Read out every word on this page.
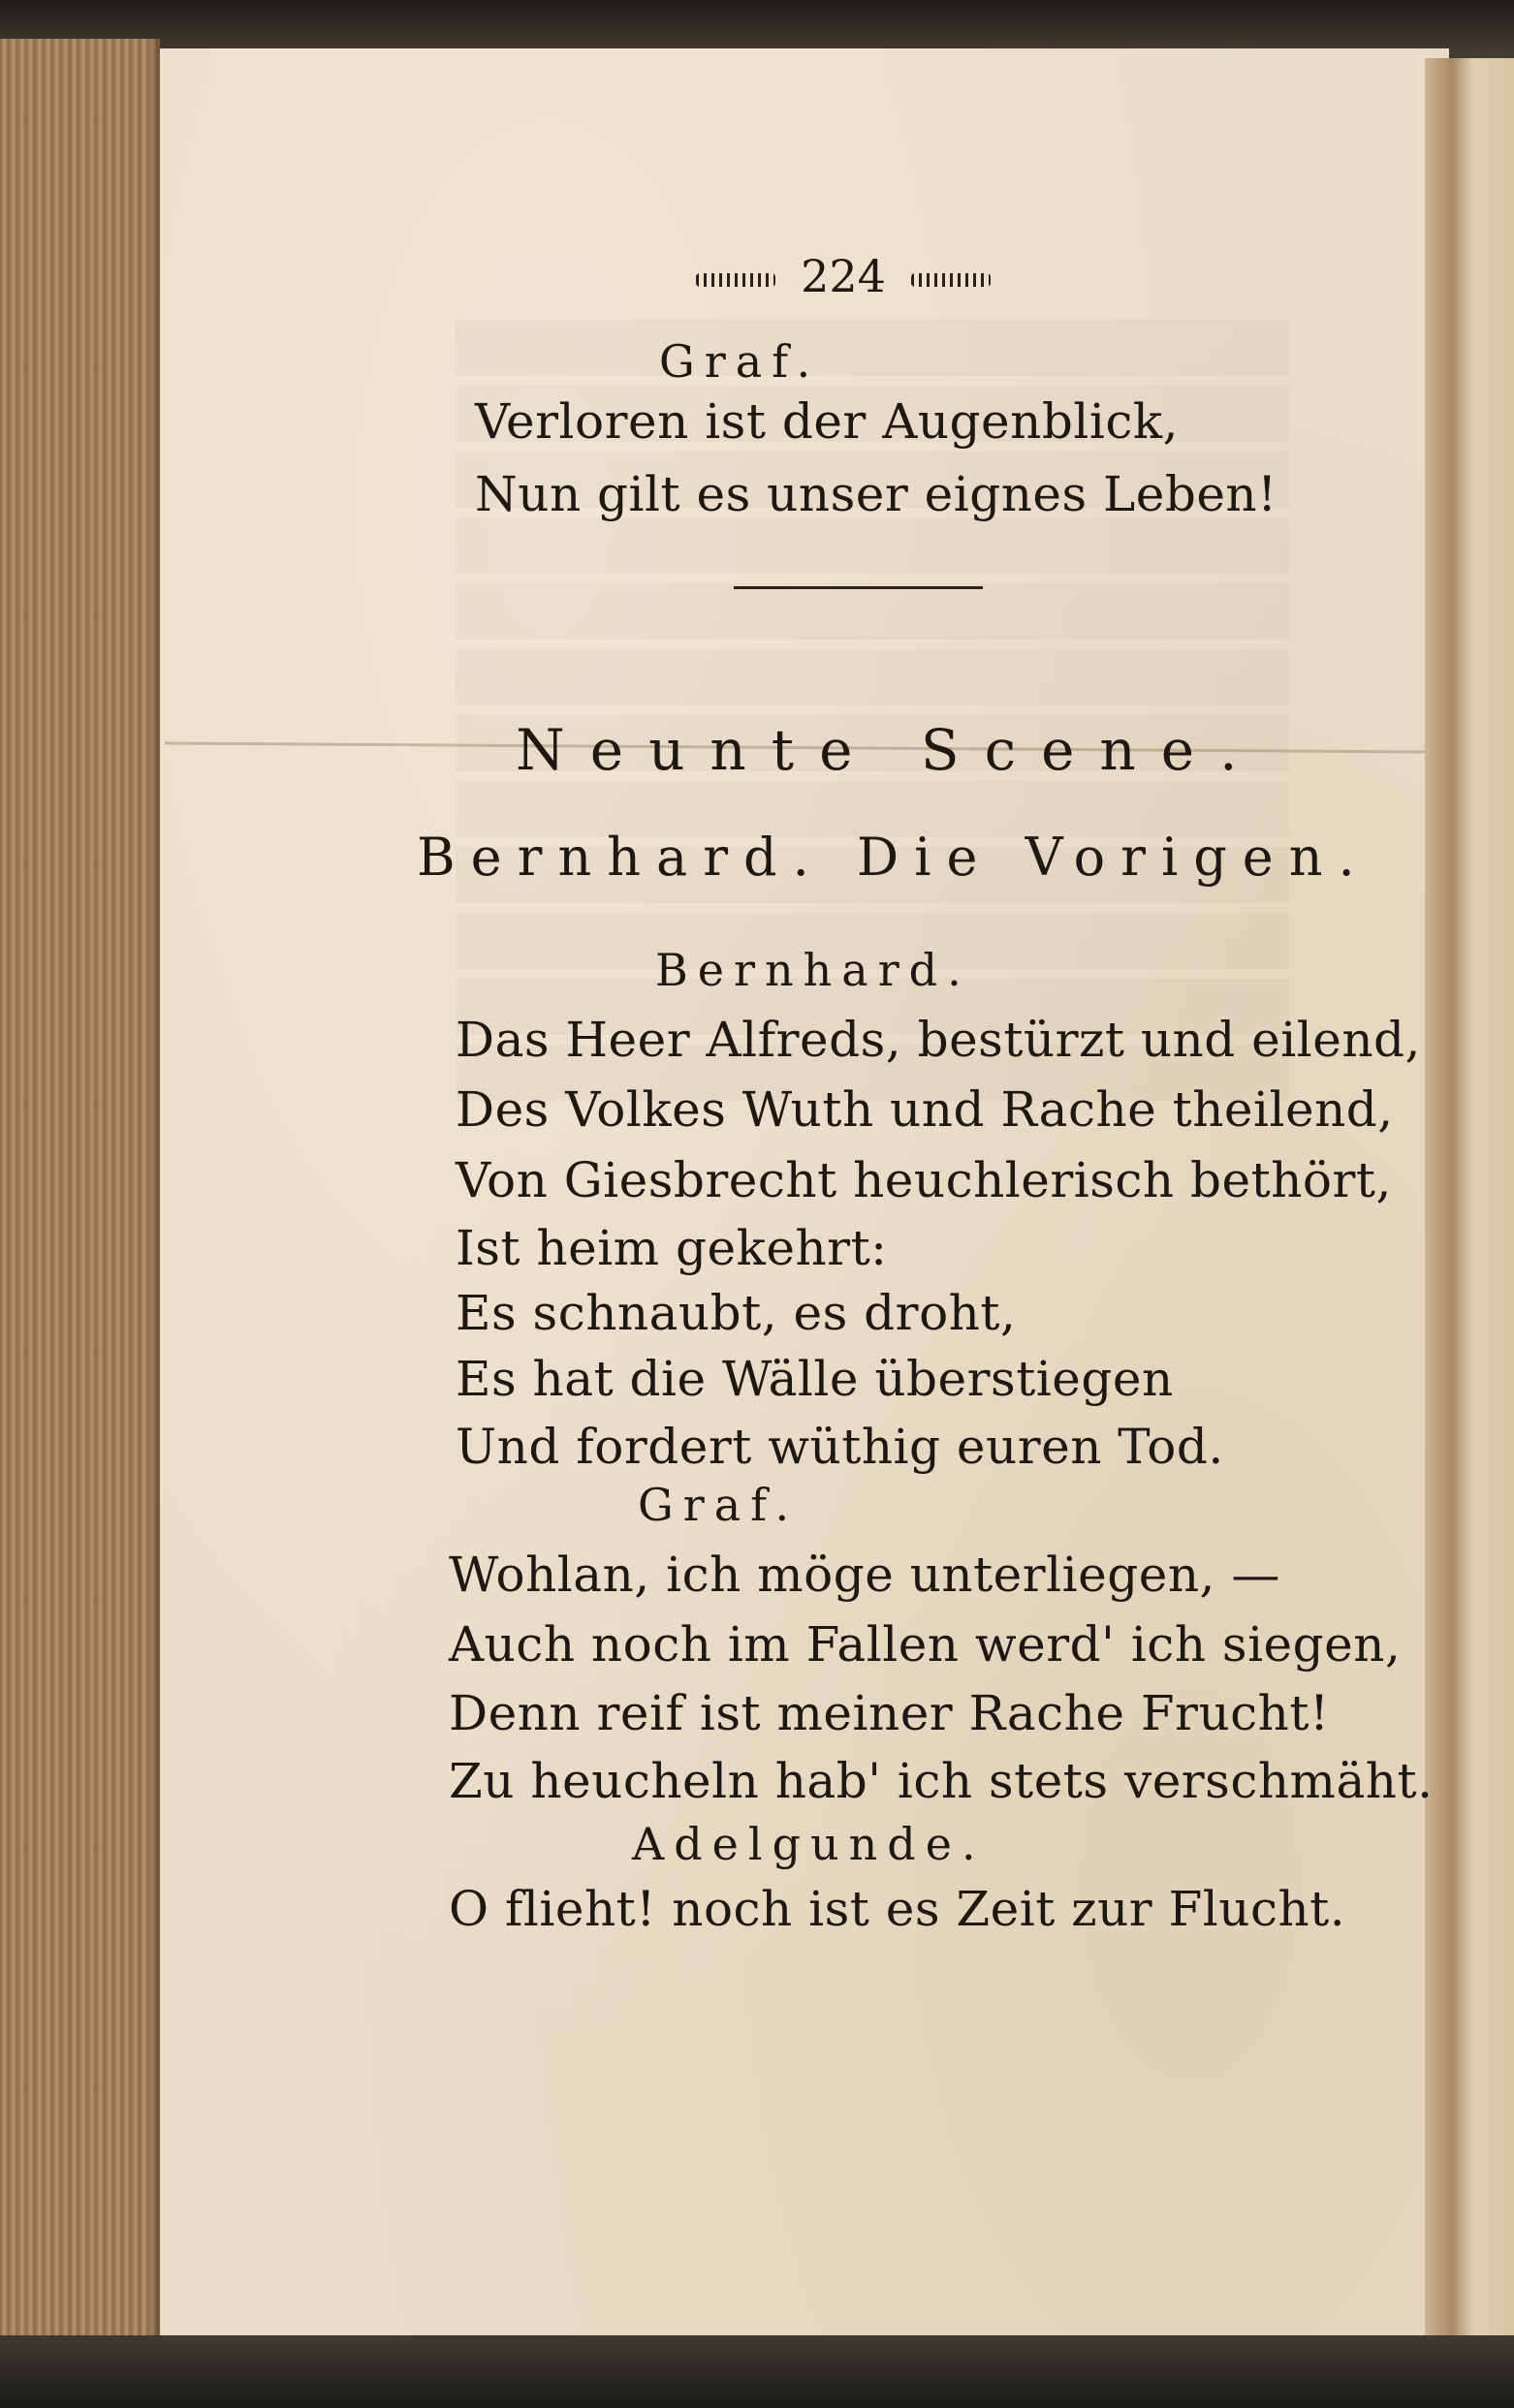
224
Graf.
Verloren ist der Augenblick,
Nun gilt es unser eignes Leben!
Neunte Scene.
Bernhard. Die Vorigen.
Bernhard.
Das Heer Alfreds, bestürzt und eilend,
Des Volkes Wuth und Rache theilend,
Von Giesbrecht heuchlerisch bethört,
Ist heim gekehrt:
Es schnaubt, es droht,
Es hat die Wälle überstiegen
Und fordert wüthig euren Tod.
Graf.
Wohlan, ich möge unterliegen, —
Auch noch im Fallen werd' ich siegen,
Denn reif ist meiner Rache Frucht!
Zu heucheln hab' ich stets verschmäht.
Adelgunde.
O flieht! noch ist es Zeit zur Flucht.
